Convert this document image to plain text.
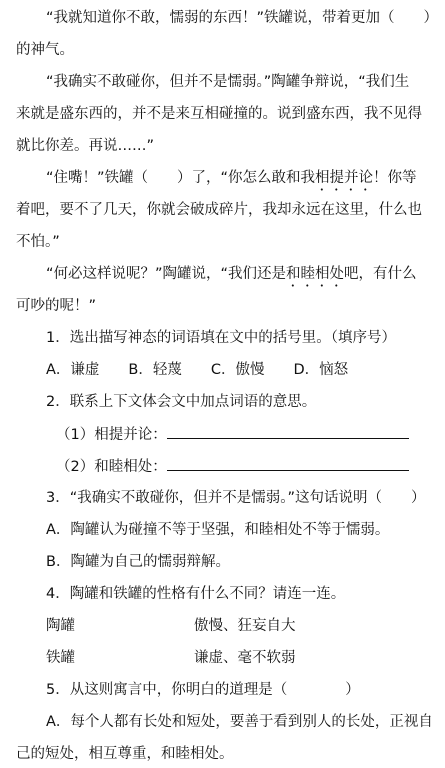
“我就知道你不敢，懦弱的东西！”铁罐说，带着更加（　　）
的神气。
“我确实不敢碰你，但并不是懦弱。”陶罐争辩说，“我们生
来就是盛东西的，并不是来互相碰撞的。说到盛东西，我不见得
就比你差。再说……”
“住嘴！”铁罐（　　）了，“你怎么敢和我相提并论！你等
着吧，要不了几天，你就会破成碎片，我却永远在这里，什么也
不怕。”
“何必这样说呢？”陶罐说，“我们还是和睦相处吧，有什么
可吵的呢！”
1．选出描写神态的词语填在文中的括号里。（填序号）
A．谦虚　　B．轻蔑　　C．傲慢　　D．恼怒
2．联系上下文体会文中加点词语的意思。
（1）相提并论：
（2）和睦相处：
3．“我确实不敢碰你，但并不是懦弱。”这句话说明（　　）
A．陶罐认为碰撞不等于坚强，和睦相处不等于懦弱。
B．陶罐为自己的懦弱辩解。
4．陶罐和铁罐的性格有什么不同？请连一连。
陶罐	傲慢、狂妄自大
铁罐	谦虚、毫不软弱
5．从这则寓言中，你明白的道理是（　　　　）
A．每个人都有长处和短处，要善于看到别人的长处，正视自
己的短处，相互尊重，和睦相处。
